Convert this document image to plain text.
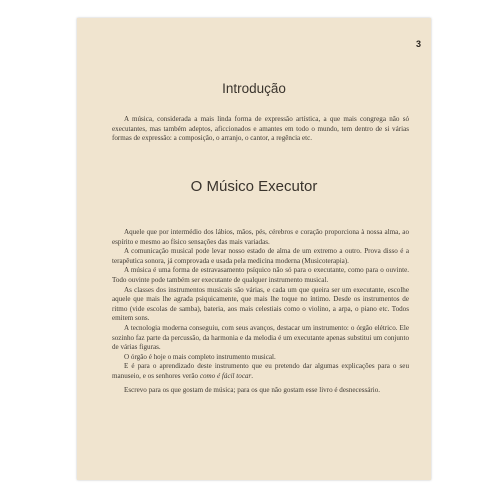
3
Introdução

A música, considerada a mais linda forma de expressão artística, a que mais congrega não só executantes, mas também adeptos, aficcionados e amantes em todo o mundo, tem dentro de si várias formas de expressão: a composição, o arranjo, o cantor, a regência etc.

O Músico Executor

Aquele que por intermédio dos lábios, mãos, pés, cérebros e coração proporciona à nossa alma, ao espírito e mesmo ao físico sensações das mais variadas.

A comunicação musical pode levar nosso estado de alma de um extremo a outro. Prova disso é a terapêutica sonora, já comprovada e usada pela medicina moderna (Musicoterapia).

A música é uma forma de estravasamento psíquico não só para o executante, como para o ouvinte. Todo ouvinte pode também ser executante de qualquer instrumento musical.

As classes dos instrumentos musicais são várias, e cada um que queira ser um executante, escolhe aquele que mais lhe agrada psiquicamente, que mais lhe toque no íntimo. Desde os instrumentos de ritmo (vide escolas de samba), bateria, aos mais celestiais como o violino, a arpa, o piano etc. Todos emitem sons.

A tecnologia moderna conseguiu, com seus avanços, destacar um instrumento: o órgão elétrico. Ele sozinho faz parte da percussão, da harmonia e da melodia é um executante apenas substitui um conjunto de várias figuras.

O órgão é hoje o mais completo instrumento musical.

E é para o aprendizado deste instrumento que eu pretendo dar algumas explicações para o seu manuseio, e os senhores verão como é fácil tocar.

Escrevo para os que gostam de música; para os que não gostam esse livro é desnecessário.
